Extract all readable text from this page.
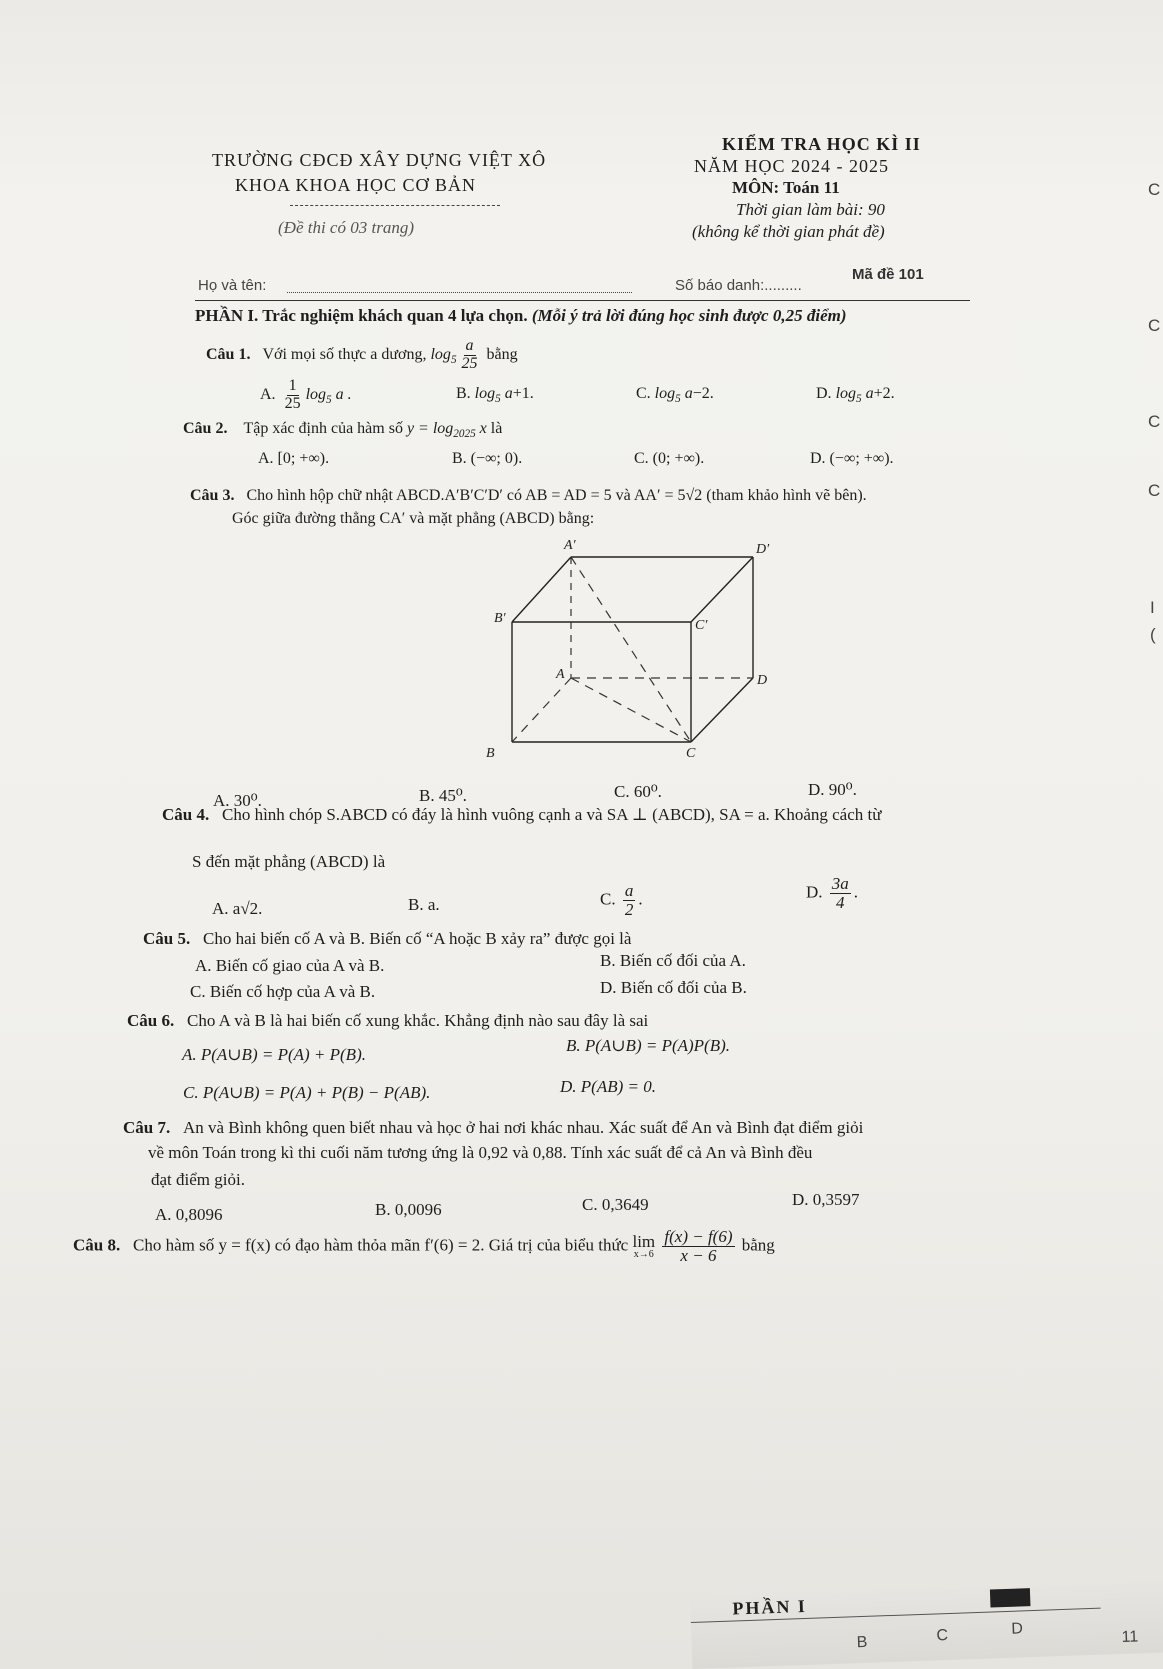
TRƯỜNG CĐCĐ XÂY DỰNG VIỆT XÔ
KHOA KHOA HỌC CƠ BẢN
(Đề thi có 03 trang)
KIỂM TRA HỌC KÌ II
NĂM HỌC 2024 - 2025
MÔN: Toán 11
Thời gian làm bài: 90
(không kể thời gian phát đề)
Họ và tên:	Số báo danh:.........
Mã đề 101
PHẦN I. Trắc nghiệm khách quan 4 lựa chọn. (Mỗi ý trả lời đúng học sinh được 0,25 điểm)
Câu 1. Với mọi số thực a dương, $\log_5 \frac{a}{25}$ bằng
A. $\frac{1}{25} \log_5 a$ .	B. $\log_5 a+1$.	C. $\log_5 a-2$.	D. $\log_5 a+2$.
Câu 2. Tập xác định của hàm số $y = \log_{2025} x$ là
A. [0; +∞).	B. (−∞; 0).	C. (0; +∞).	D. (−∞; +∞).
Câu 3. Cho hình hộp chữ nhật ABCD.A′B′C′D′ có AB = AD = 5 và AA′ = 5√2 (tham khảo hình vẽ bên).
Góc giữa đường thẳng CA′ và mặt phẳng (ABCD) bằng:
A′	D′
B′	C′
A	D
B	C
A. 30⁰.	B. 45⁰.	C. 60⁰.	D. 90⁰.
Câu 4. Cho hình chóp S.ABCD có đáy là hình vuông cạnh a và SA ⊥ (ABCD), SA = a. Khoảng cách từ
S đến mặt phẳng (ABCD) là
A. a√2.	B. a.	C. $\frac{a}{2}$ .	D. $\frac{3a}{4}$ .
Câu 5. Cho hai biến cố A và B. Biến cố “A hoặc B xảy ra” được gọi là
A. Biến cố giao của A và B.	B. Biến cố đối của A.
C. Biến cố hợp của A và B.	D. Biến cố đối của B.
Câu 6. Cho A và B là hai biến cố xung khắc. Khẳng định nào sau đây là sai
A. P(A∪B) = P(A) + P(B).	B. P(A∪B) = P(A)P(B).
C. P(A∪B) = P(A) + P(B) − P(AB).	D. P(AB) = 0.
Câu 7. An và Bình không quen biết nhau và học ở hai nơi khác nhau. Xác suất để An và Bình đạt điểm giỏi
về môn Toán trong kì thi cuối năm tương ứng là 0,92 và 0,88. Tính xác suất để cả An và Bình đều
đạt điểm giỏi.
A. 0,8096	B. 0,0096	C. 0,3649	D. 0,3597
Câu 8. Cho hàm số y = f(x) có đạo hàm thỏa mãn f′(6) = 2. Giá trị của biểu thức lim
x→6
$\frac{f(x) - f(6)}{x - 6}$ bằng
PHẦN I
B	C	D	11
C
C
C
C
I
(
